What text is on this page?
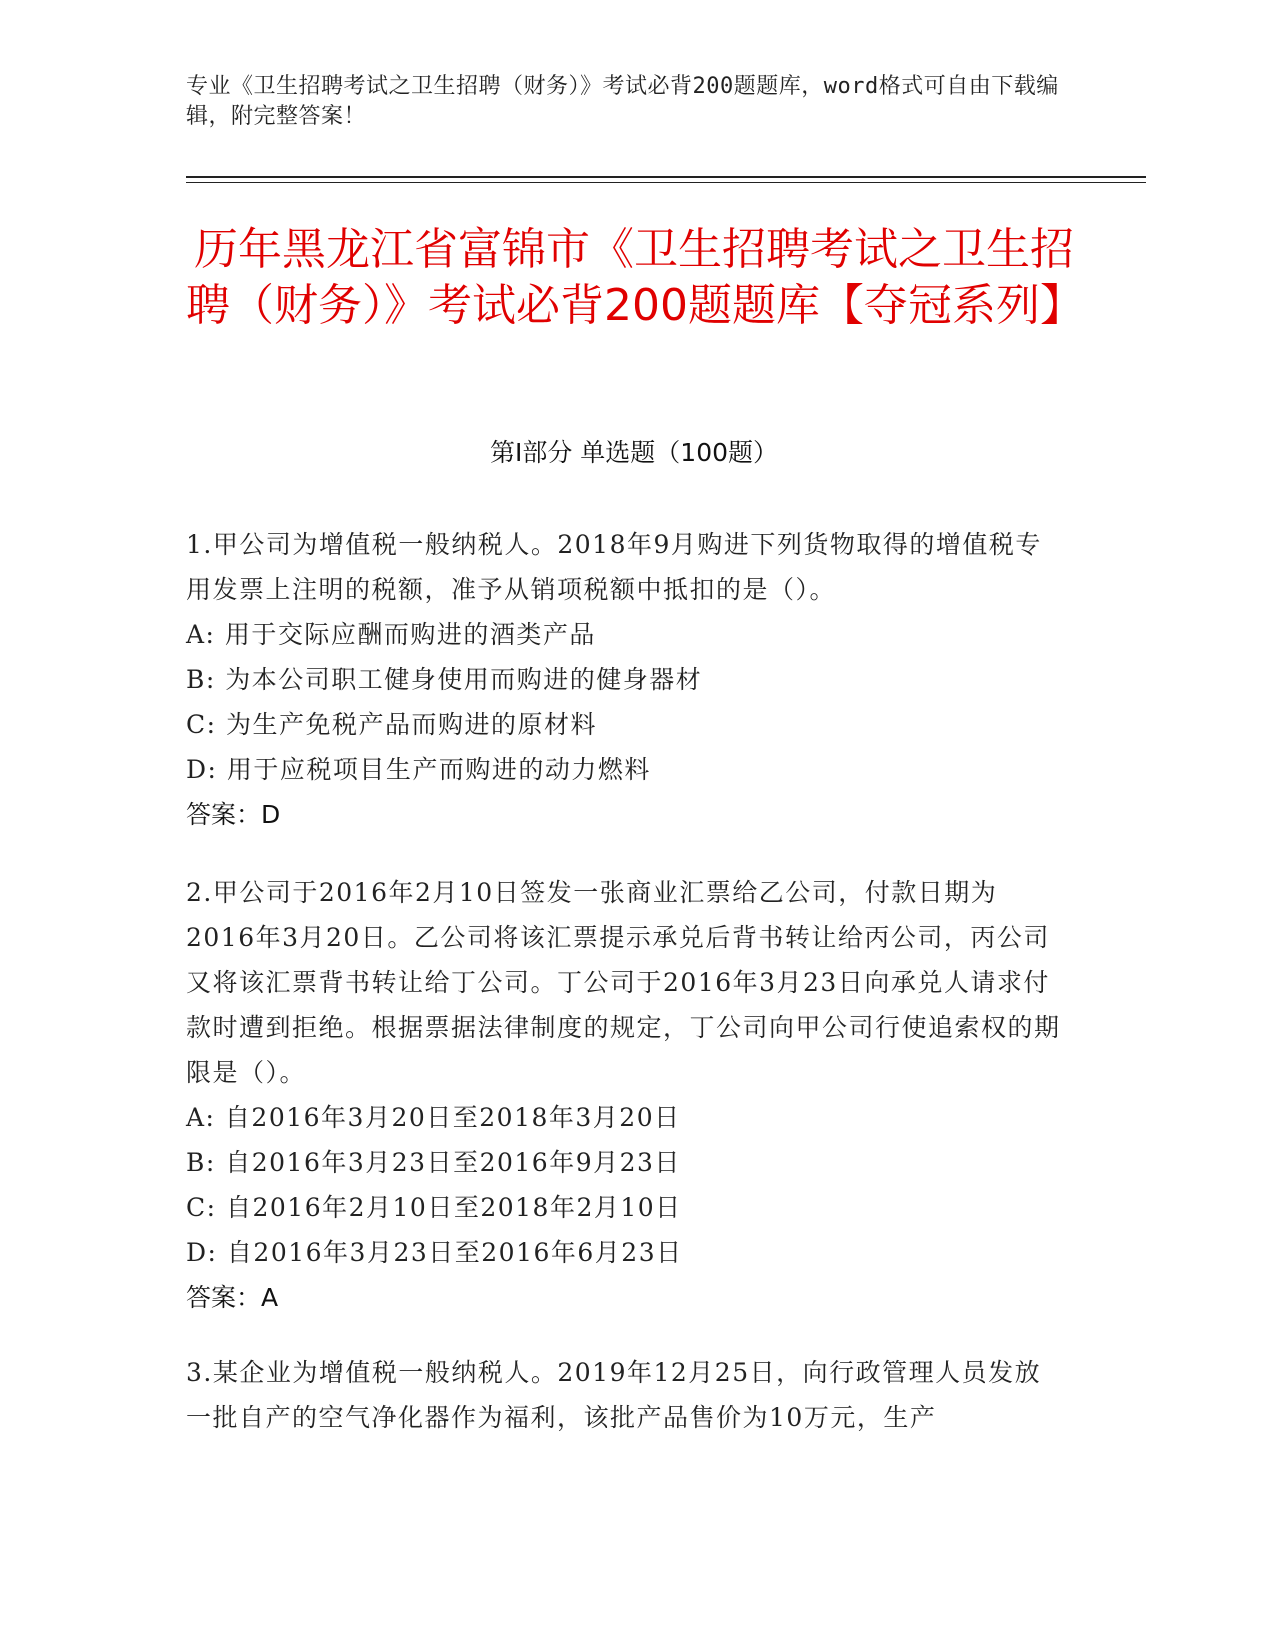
专业《卫生招聘考试之卫生招聘（财务）》考试必背200题题库，word格式可自由下载编辑，附完整答案！
历年黑龙江省富锦市《卫生招聘考试之卫生招聘（财务）》考试必背200题题库【夺冠系列】
第I部分 单选题（100题）

1.甲公司为增值税一般纳税人。2018年9月购进下列货物取得的增值税专用发票上注明的税额，准予从销项税额中抵扣的是（）。

A: 用于交际应酬而购进的酒类产品

B: 为本公司职工健身使用而购进的健身器材

C: 为生产免税产品而购进的原材料

D: 用于应税项目生产而购进的动力燃料

答案：D

2.甲公司于2016年2月10日签发一张商业汇票给乙公司，付款日期为2016年3月20日。乙公司将该汇票提示承兑后背书转让给丙公司，丙公司又将该汇票背书转让给丁公司。丁公司于2016年3月23日向承兑人请求付款时遭到拒绝。根据票据法律制度的规定，丁公司向甲公司行使追索权的期限是（）。

A: 自2016年3月20日至2018年3月20日

B: 自2016年3月23日至2016年9月23日

C: 自2016年2月10日至2018年2月10日

D: 自2016年3月23日至2016年6月23日

答案：A

3.某企业为增值税一般纳税人。2019年12月25日，向行政管理人员发放一批自产的空气净化器作为福利，该批产品售价为10万元，生产
